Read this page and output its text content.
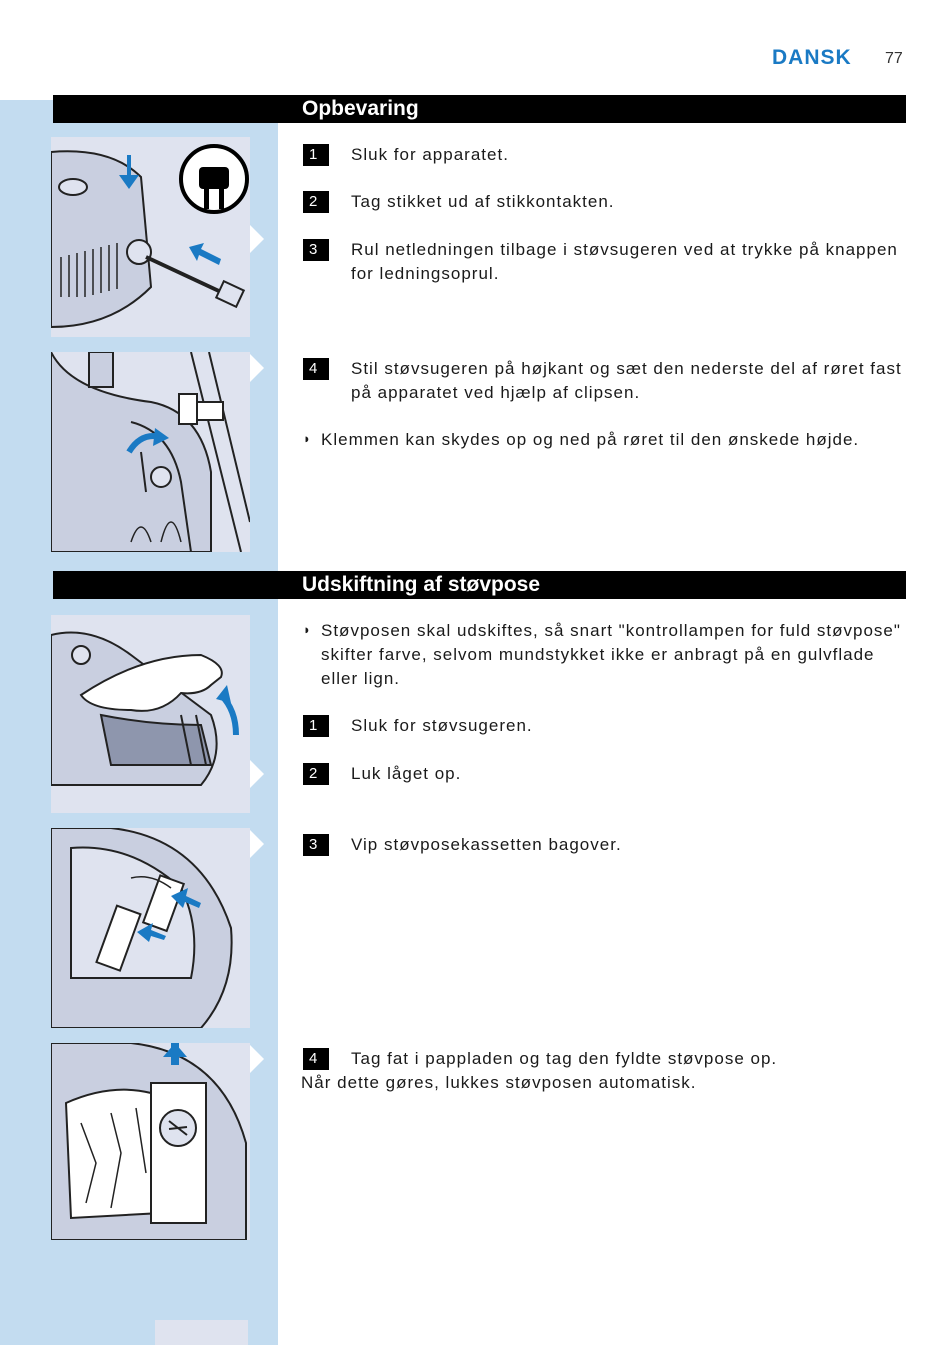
DANSK 77
Opbevaring
1	Sluk for apparatet.
2	Tag stikket ud af stikkontakten.
3	Rul netledningen tilbage i støvsugeren ved at trykke på knappen for ledningsoprul.
4	Stil støvsugeren på højkant og sæt den nederste del af røret fast på apparatet ved hjælp af clipsen.
◗ Klemmen kan skydes op og ned på røret til den ønskede højde.
Udskiftning af støvpose
◗ Støvposen skal udskiftes, så snart "kontrollampen for fuld støvpose" skifter farve, selvom mundstykket ikke er anbragt på en gulvflade eller lign.
1	Sluk for støvsugeren.
2	Luk låget op.
3	Vip støvposekassetten bagover.
4	Tag fat i pappladen og tag den fyldte støvpose op.
Når dette gøres, lukkes støvposen automatisk.
